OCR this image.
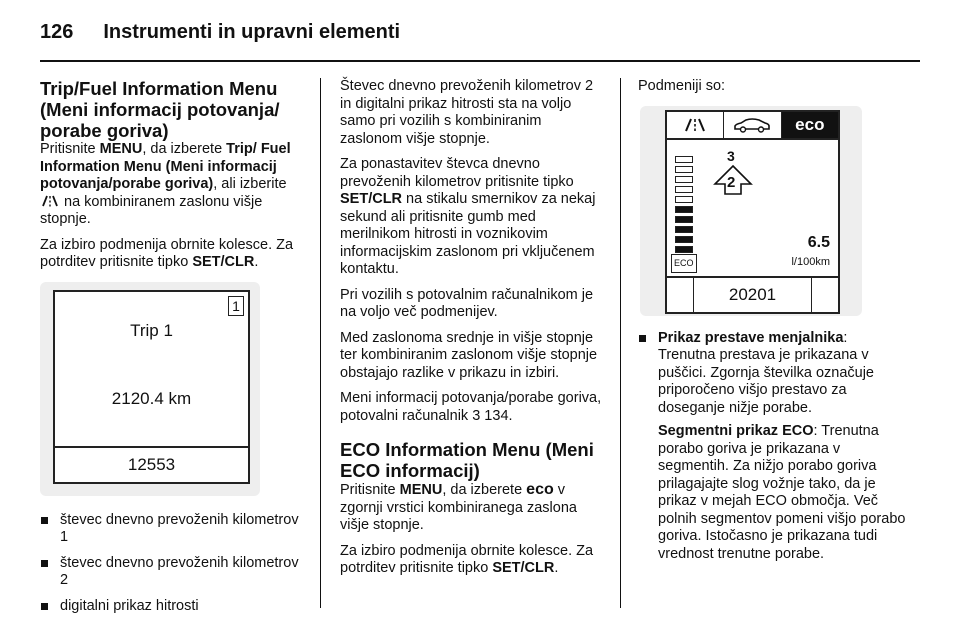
126 Instrumenti in upravni elementi
Trip/Fuel Information Menu (Meni informacij potovanja/ porabe goriva)

Pritisnite MENU, da izberete Trip/ Fuel Information Menu (Meni informacij potovanja/porabe goriva), ali izberite  na kombiniranem zaslonu višje stopnje.

Za izbiro podmenija obrnite kolesce. Za potrditev pritisnite tipko SET/CLR.

1
Trip 1
2120.4 km
12553
števec dnevno prevoženih kilometrov 1
števec dnevno prevoženih kilometrov 2
digitalni prikaz hitrosti

Števec dnevno prevoženih kilometrov 2 in digitalni prikaz hitrosti sta na voljo samo pri vozilih s kombiniranim zaslonom višje stopnje.

Za ponastavitev števca dnevno prevoženih kilometrov pritisnite tipko SET/CLR na stikalu smernikov za nekaj sekund ali pritisnite gumb med merilnikom hitrosti in voznikovim informacijskim zaslonom pri vključenem kontaktu.

Pri vozilih s potovalnim računalnikom je na voljo več podmenijev.

Med zaslonoma srednje in višje stopnje ter kombiniranim zaslonom višje stopnje obstajajo razlike v prikazu in izbiri.

Meni informacij potovanja/porabe goriva, potovalni računalnik 3 134.

ECO Information Menu (Meni ECO informacij)

Pritisnite MENU, da izberete eco v zgornji vrstici kombiniranega zaslona višje stopnje.

Za izbiro podmenija obrnite kolesce. Za potrditev pritisnite tipko SET/CLR.

Podmeniji so:

eco
ECO
3
2
6.5
l/100km
20201

Prikaz prestave menjalnika: Trenutna prestava je prikazana v puščici. Zgornja številka označuje priporočeno višjo prestavo za doseganje nižje porabe.

Segmentni prikaz ECO: Trenutna porabo goriva je prikazana v segmentih. Za nižjo porabo goriva prilagajajte slog vožnje tako, da je prikaz v mejah ECO območja. Več polnih segmentov pomeni višjo porabo goriva. Istočasno je prikazana tudi vrednost trenutne porabe.
